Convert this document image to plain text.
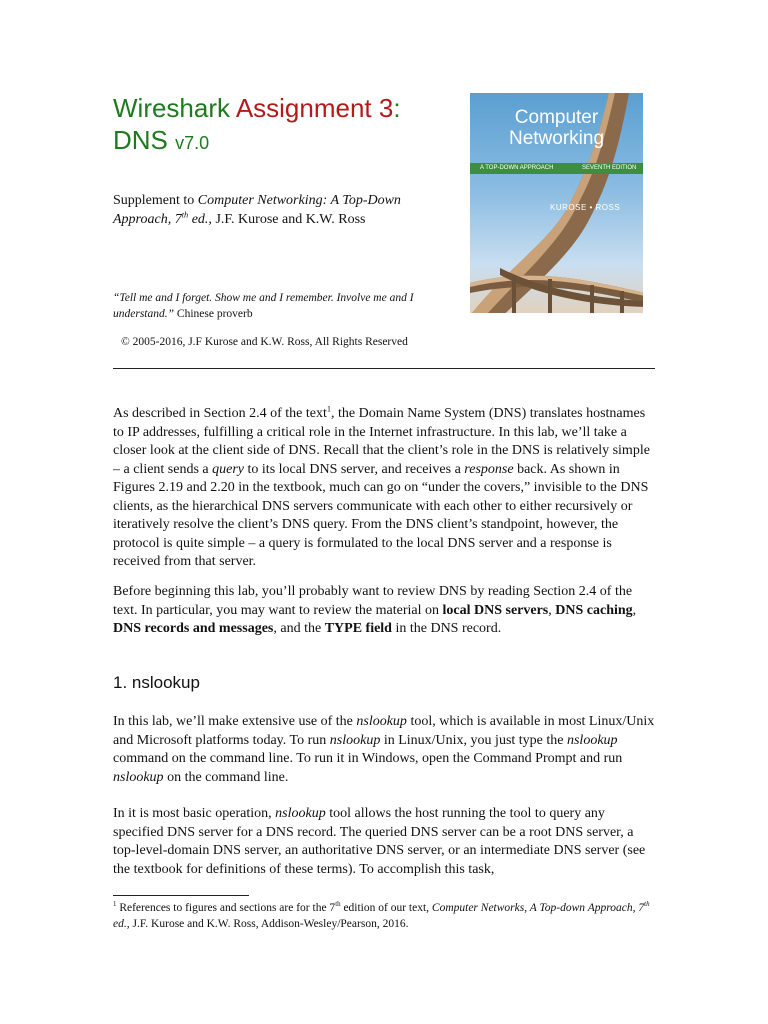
Wireshark Assignment 3:
DNS v7.0
Supplement to Computer Networking: A Top-Down Approach, 7th ed., J.F. Kurose and K.W. Ross
“Tell me and I forget. Show me and I remember. Involve me and I understand.” Chinese proverb
© 2005-2016, J.F Kurose and K.W. Ross, All Rights Reserved
Computer
Networking
A TOP-DOWN APPROACH	SEVENTH EDITION
KUROSE • ROSS
As described in Section 2.4 of the text$^1$, the Domain Name System (DNS) translates hostnames to IP addresses, fulfilling a critical role in the Internet infrastructure. In this lab, we’ll take a closer look at the client side of DNS. Recall that the client’s role in the DNS is relatively simple – a client sends a query to its local DNS server, and receives a response back. As shown in Figures 2.19 and 2.20 in the textbook, much can go on “under the covers,” invisible to the DNS clients, as the hierarchical DNS servers communicate with each other to either recursively or iteratively resolve the client’s DNS query. From the DNS client’s standpoint, however, the protocol is quite simple – a query is formulated to the local DNS server and a response is received from that server.
Before beginning this lab, you’ll probably want to review DNS by reading Section 2.4 of the text. In particular, you may want to review the material on local DNS servers, DNS caching, DNS records and messages, and the TYPE field in the DNS record.
1. nslookup
In this lab, we’ll make extensive use of the nslookup tool, which is available in most Linux/Unix and Microsoft platforms today. To run nslookup in Linux/Unix, you just type the nslookup command on the command line. To run it in Windows, open the Command Prompt and run nslookup on the command line.
In it is most basic operation, nslookup tool allows the host running the tool to query any specified DNS server for a DNS record. The queried DNS server can be a root DNS server, a top-level-domain DNS server, an authoritative DNS server, or an intermediate DNS server (see the textbook for definitions of these terms). To accomplish this task,
$^1$ References to figures and sections are for the 7th edition of our text, Computer Networks, A Top-down Approach, 7th ed., J.F. Kurose and K.W. Ross, Addison-Wesley/Pearson, 2016.
